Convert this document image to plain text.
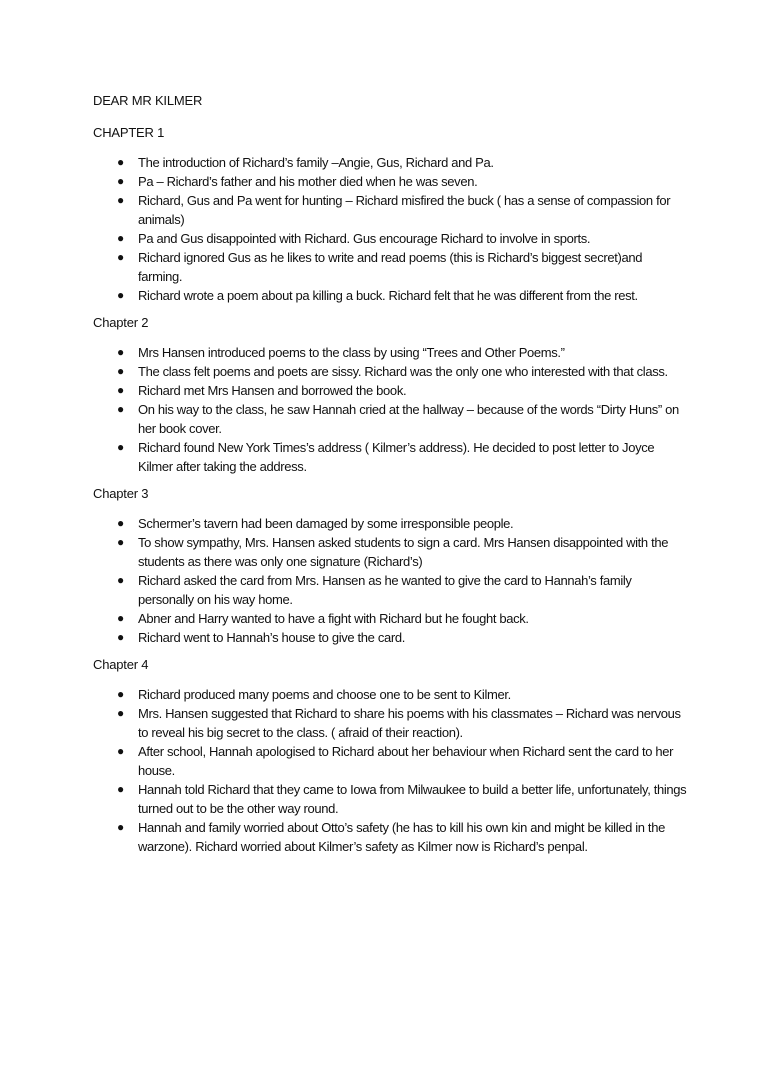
DEAR MR KILMER

CHAPTER 1

● The introduction of Richard’s family –Angie, Gus, Richard and Pa.
● Pa – Richard’s father and his mother died when he was seven.
● Richard, Gus and Pa went for hunting – Richard misfired the buck ( has a sense of compassion for animals)
● Pa and Gus disappointed with Richard. Gus encourage Richard to involve in sports.
● Richard ignored Gus as he likes to write and read poems (this is Richard’s biggest secret)and farming.
● Richard wrote a poem about pa killing a buck. Richard felt that he was different from the rest.

Chapter 2

● Mrs Hansen introduced poems to the class by using “Trees and Other Poems.”
● The class felt poems and poets are sissy. Richard was the only one who interested with that class.
● Richard met Mrs Hansen and borrowed the book.
● On his way to the class, he saw Hannah cried at the hallway – because of the words “Dirty Huns” on her book cover.
● Richard found New York Times’s address ( Kilmer’s address). He decided to post letter to Joyce Kilmer after taking the address.

Chapter 3

● Schermer’s tavern had been damaged by some irresponsible people.
● To show sympathy, Mrs. Hansen asked students to sign a card. Mrs Hansen disappointed with the students as there was only one signature (Richard’s)
● Richard asked the card from Mrs. Hansen as he wanted to give the card to Hannah’s family personally on his way home.
● Abner and Harry wanted to have a fight with Richard but he fought back.
● Richard went to Hannah’s house to give the card.

Chapter 4

● Richard produced many poems and choose one to be sent to Kilmer.
● Mrs. Hansen suggested that Richard to share his poems with his classmates – Richard was nervous to reveal his big secret to the class. ( afraid of their reaction).
● After school, Hannah apologised to Richard about her behaviour when Richard sent the card to her house.
● Hannah told Richard that they came to Iowa from Milwaukee to build a better life, unfortunately, things turned out to be the other way round.
● Hannah and family worried about Otto’s safety (he has to kill his own kin and might be killed in the warzone). Richard worried about Kilmer’s safety as Kilmer now is Richard’s penpal.
